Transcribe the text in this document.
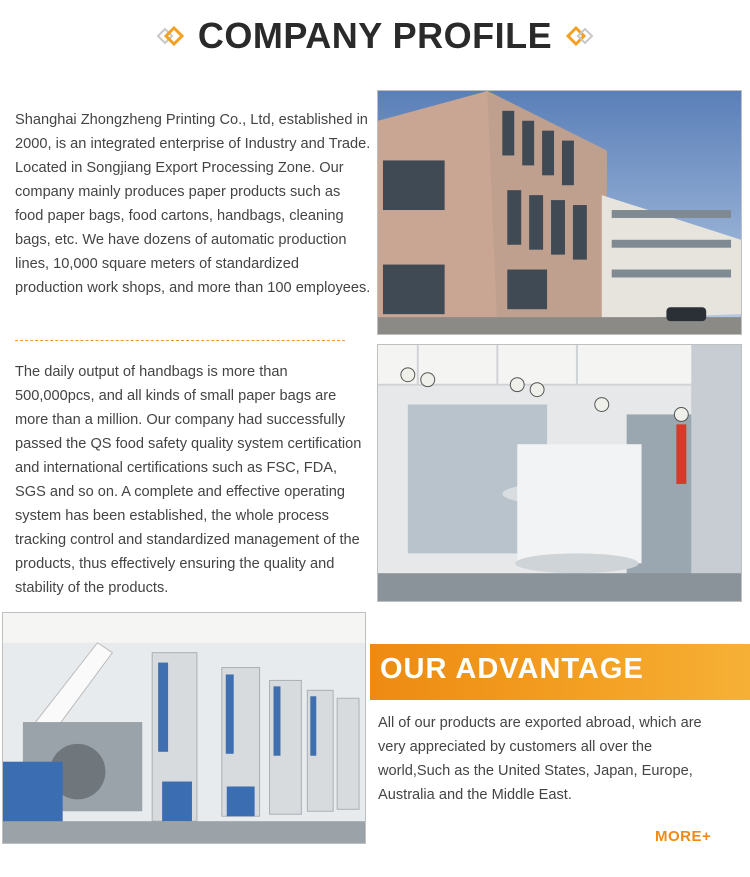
COMPANY PROFILE

Shanghai Zhongzheng Printing Co., Ltd, established in 2000, is an integrated enterprise of Industry and Trade. Located in Songjiang Export Processing Zone. Our company mainly produces paper products such as food paper bags, food cartons, handbags, cleaning bags, etc. We have dozens of automatic production lines, 10,000 square meters of standardized production work shops, and more than 100 employees.

The daily output of handbags is more than 500,000pcs, and all kinds of small paper bags are more than a million. Our company had successfully passed the QS food safety quality system certification and international certifications such as FSC, FDA, SGS and so on. A complete and effective operating system has been established, the whole process tracking control and standardized management of the products, thus effectively ensuring the quality and stability of the products.

OUR ADVANTAGE

All of our products are exported abroad, which are very appreciated by customers all over the world,Such as the United States, Japan, Europe, Australia and the Middle East.

MORE+
